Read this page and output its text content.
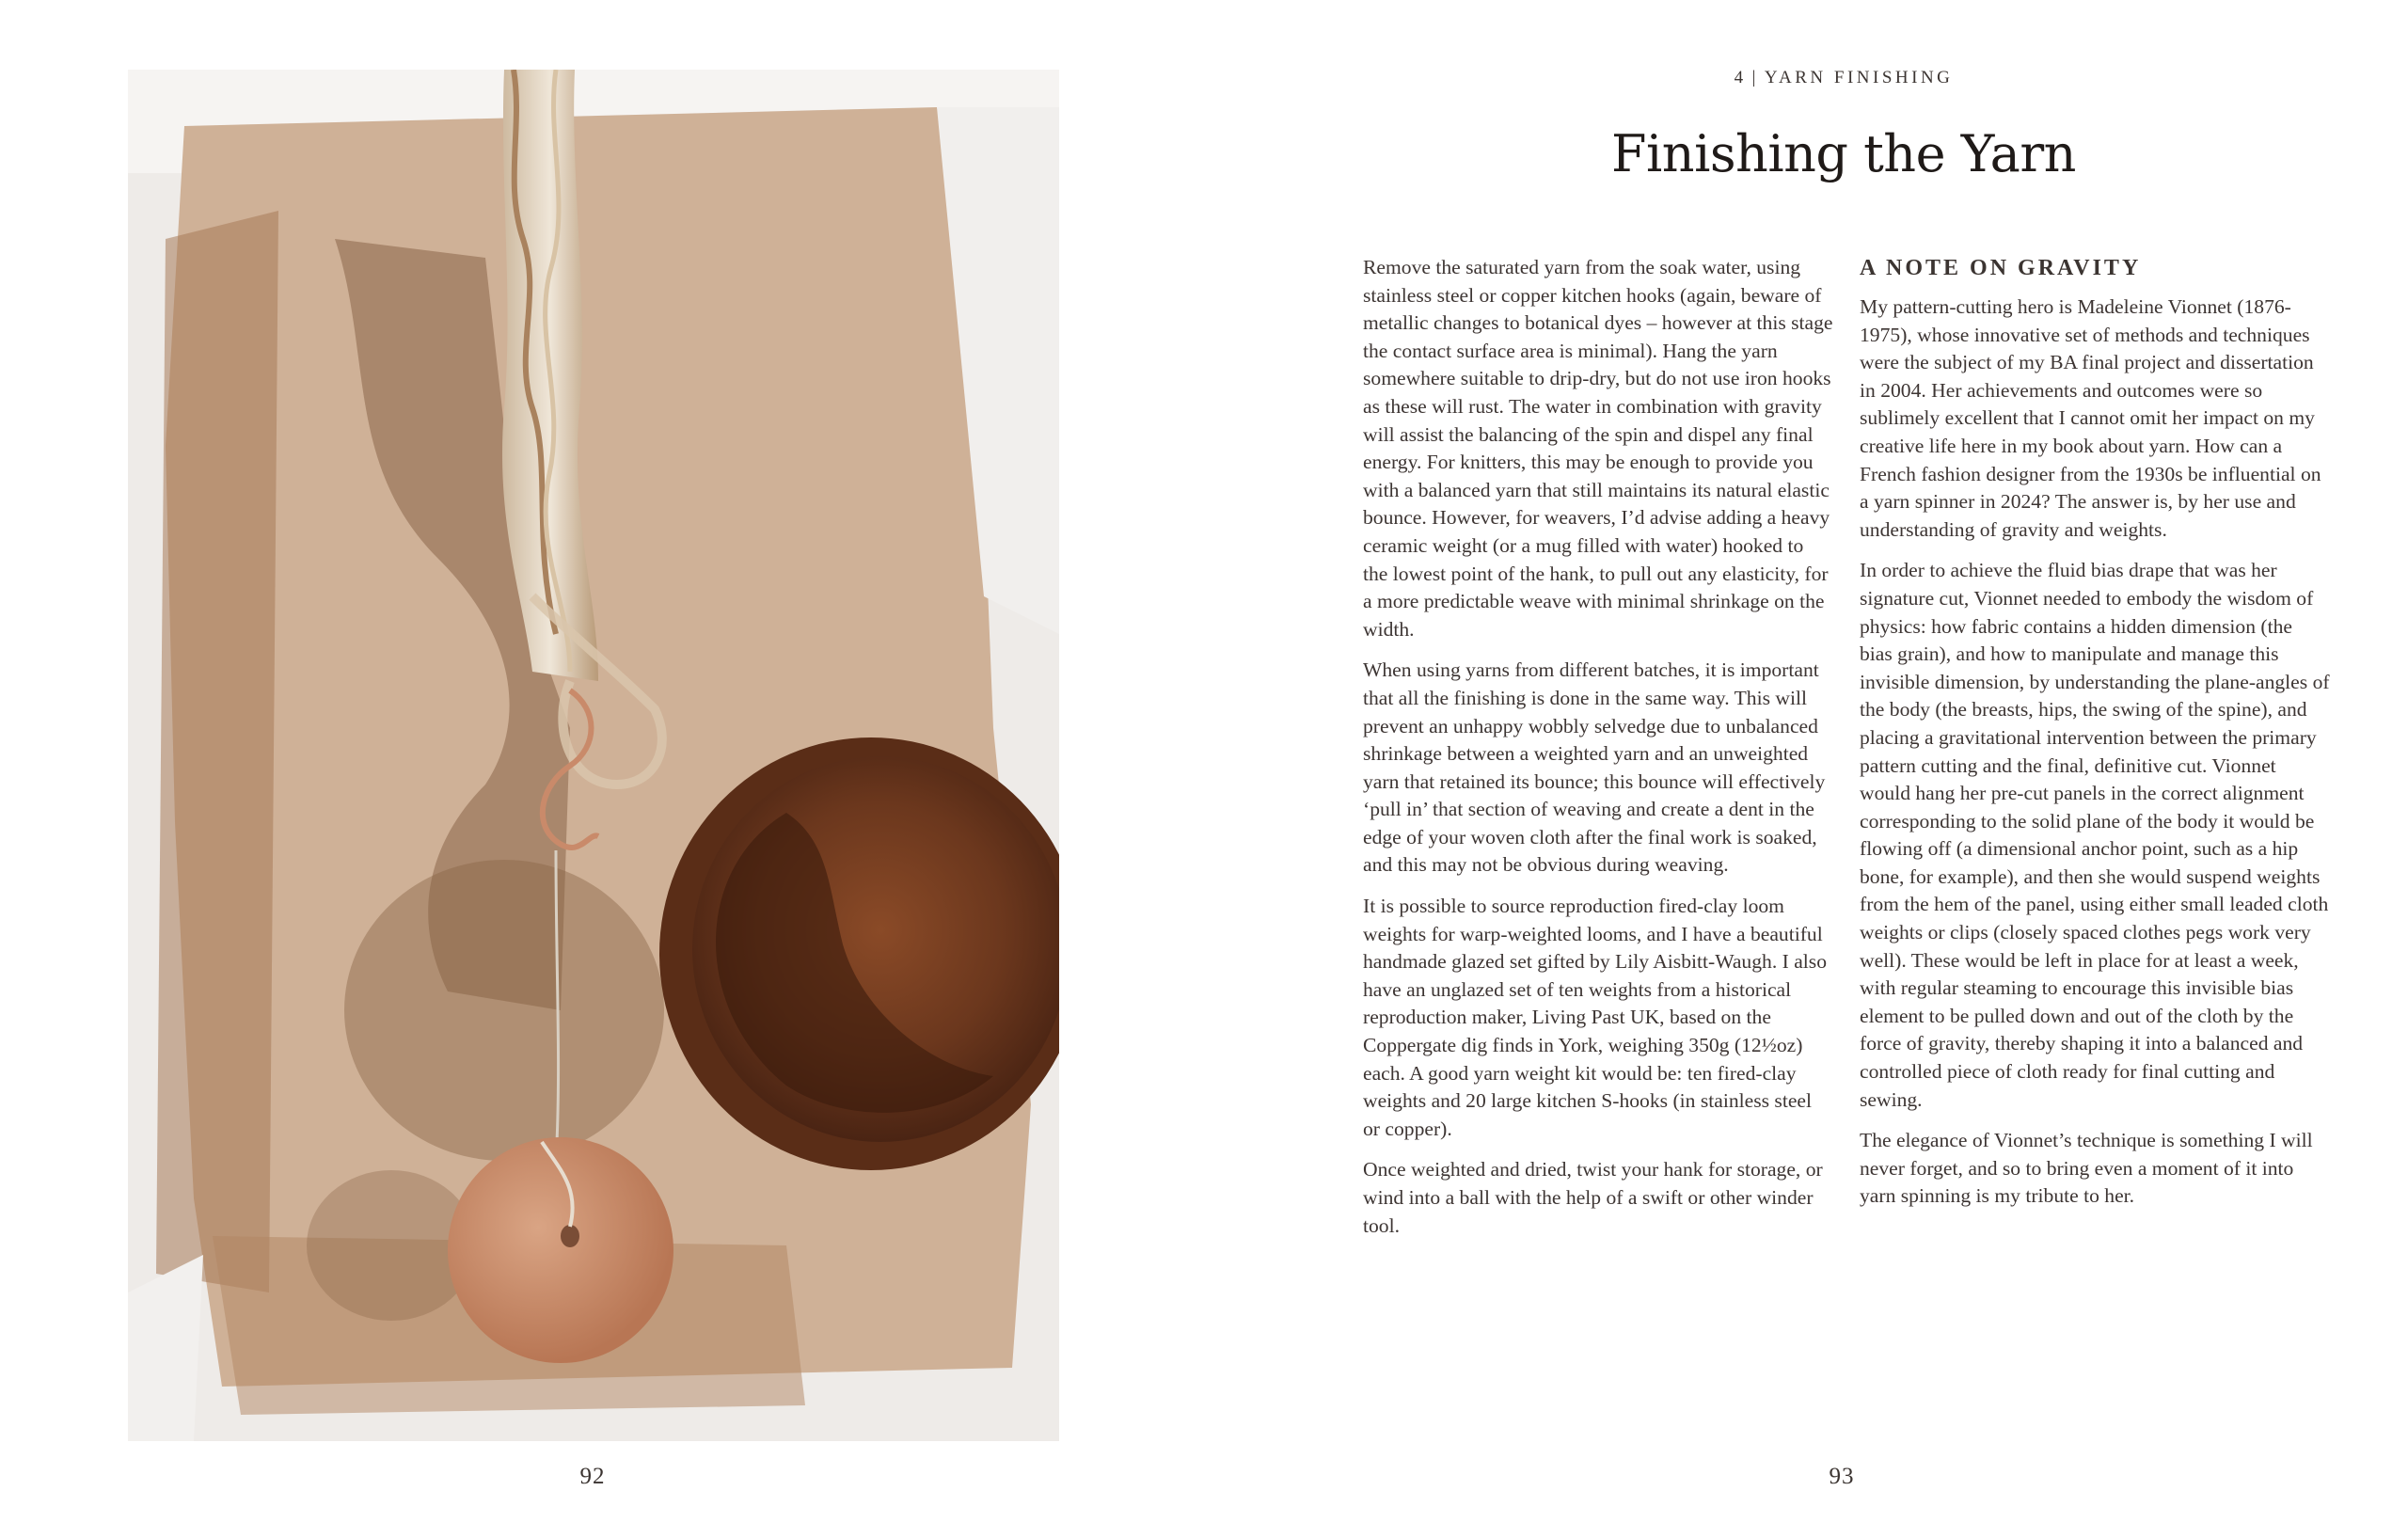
92
4 | YARN FINISHING
Finishing the Yarn

Remove the saturated yarn from the soak water, using stainless steel or copper kitchen hooks (again, beware of metallic changes to botanical dyes – however at this stage the contact surface area is minimal). Hang the yarn somewhere suitable to drip-dry, but do not use iron hooks as these will rust. The water in combination with gravity will assist the balancing of the spin and dispel any final energy. For knitters, this may be enough to provide you with a balanced yarn that still maintains its natural elastic bounce. However, for weavers, I’d advise adding a heavy ceramic weight (or a mug filled with water) hooked to the lowest point of the hank, to pull out any elasticity, for a more predictable weave with minimal shrinkage on the width.

When using yarns from different batches, it is important that all the finishing is done in the same way. This will prevent an unhappy wobbly selvedge due to unbalanced shrinkage between a weighted yarn and an unweighted yarn that retained its bounce; this bounce will effectively ‘pull in’ that section of weaving and create a dent in the edge of your woven cloth after the final work is soaked, and this may not be obvious during weaving.

It is possible to source reproduction fired-clay loom weights for warp-weighted looms, and I have a beautiful handmade glazed set gifted by Lily Aisbitt-Waugh. I also have an unglazed set of ten weights from a historical reproduction maker, Living Past UK, based on the Coppergate dig finds in York, weighing 350g (12½oz) each. A good yarn weight kit would be: ten fired-clay weights and 20 large kitchen S-hooks (in stainless steel or copper).

Once weighted and dried, twist your hank for storage, or wind into a ball with the help of a swift or other winder tool.

A NOTE ON GRAVITY

My pattern-cutting hero is Madeleine Vionnet (1876-1975), whose innovative set of methods and techniques were the subject of my BA final project and dissertation in 2004. Her achievements and outcomes were so sublimely excellent that I cannot omit her impact on my creative life here in my book about yarn. How can a French fashion designer from the 1930s be influential on a yarn spinner in 2024? The answer is, by her use and understanding of gravity and weights.

In order to achieve the fluid bias drape that was her signature cut, Vionnet needed to embody the wisdom of physics: how fabric contains a hidden dimension (the bias grain), and how to manipulate and manage this invisible dimension, by understanding the plane-angles of the body (the breasts, hips, the swing of the spine), and placing a gravitational intervention between the primary pattern cutting and the final, definitive cut. Vionnet would hang her pre-cut panels in the correct alignment corresponding to the solid plane of the body it would be flowing off (a dimensional anchor point, such as a hip bone, for example), and then she would suspend weights from the hem of the panel, using either small leaded cloth weights or clips (closely spaced clothes pegs work very well). These would be left in place for at least a week, with regular steaming to encourage this invisible bias element to be pulled down and out of the cloth by the force of gravity, thereby shaping it into a balanced and controlled piece of cloth ready for final cutting and sewing.

The elegance of Vionnet’s technique is something I will never forget, and so to bring even a moment of it into yarn spinning is my tribute to her.

93
